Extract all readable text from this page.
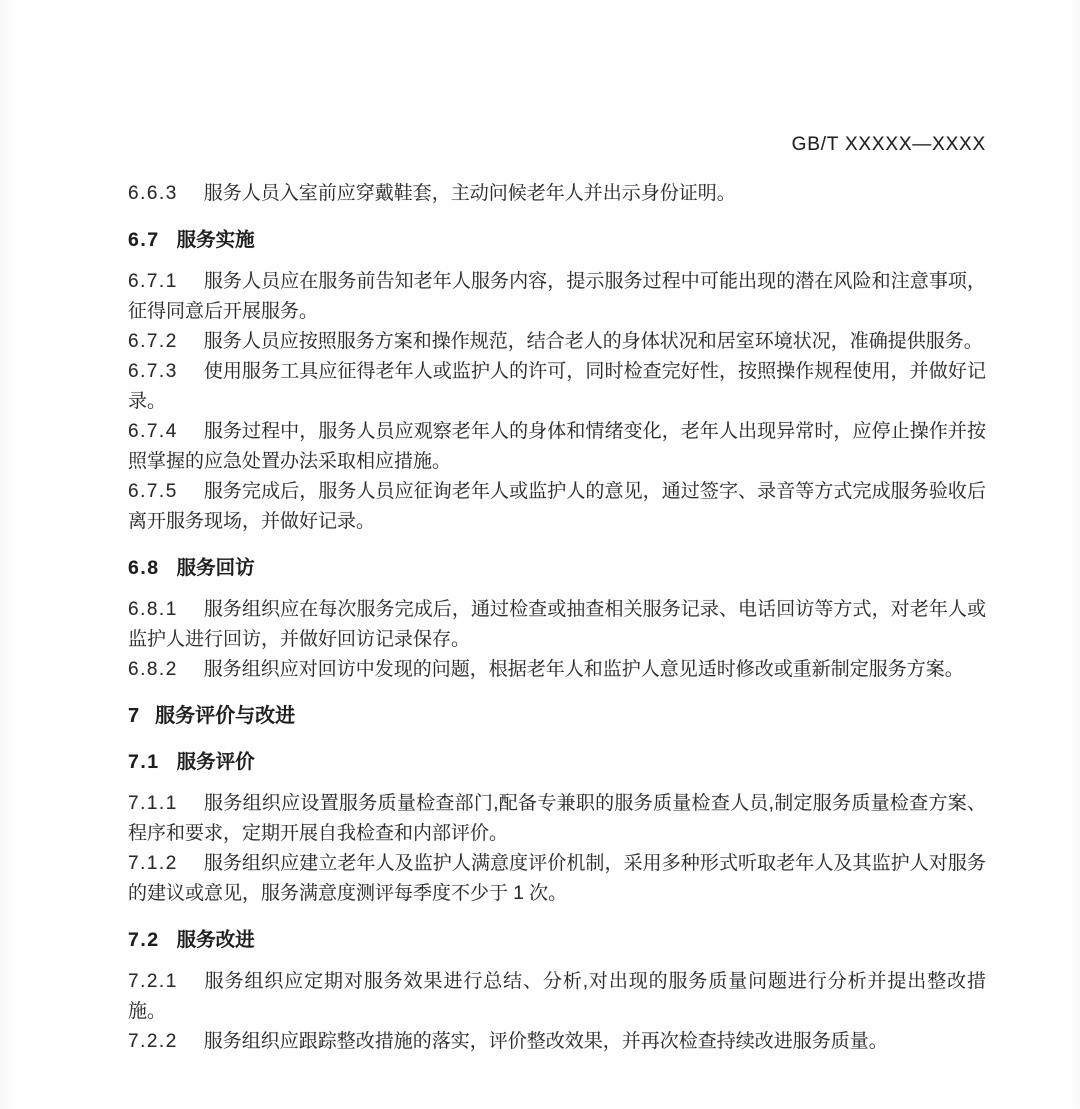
GB/T XXXXX—XXXX

6.6.3 服务人员入室前应穿戴鞋套，主动问候老年人并出示身份证明。

6.7 服务实施

6.7.1 服务人员应在服务前告知老年人服务内容，提示服务过程中可能出现的潜在风险和注意事项，征得同意后开展服务。

6.7.2 服务人员应按照服务方案和操作规范，结合老人的身体状况和居室环境状况，准确提供服务。

6.7.3 使用服务工具应征得老年人或监护人的许可，同时检查完好性，按照操作规程使用，并做好记录。

6.7.4 服务过程中，服务人员应观察老年人的身体和情绪变化，老年人出现异常时，应停止操作并按照掌握的应急处置办法采取相应措施。

6.7.5 服务完成后，服务人员应征询老年人或监护人的意见，通过签字、录音等方式完成服务验收后离开服务现场，并做好记录。

6.8 服务回访

6.8.1 服务组织应在每次服务完成后，通过检查或抽查相关服务记录、电话回访等方式，对老年人或监护人进行回访，并做好回访记录保存。

6.8.2 服务组织应对回访中发现的问题，根据老年人和监护人意见适时修改或重新制定服务方案。

7 服务评价与改进
7.1 服务评价

7.1.1 服务组织应设置服务质量检查部门,配备专兼职的服务质量检查人员,制定服务质量检查方案、程序和要求，定期开展自我检查和内部评价。

7.1.2 服务组织应建立老年人及监护人满意度评价机制，采用多种形式听取老年人及其监护人对服务的建议或意见，服务满意度测评每季度不少于 1 次。

7.2 服务改进

7.2.1 服务组织应定期对服务效果进行总结、分析,对出现的服务质量问题进行分析并提出整改措施。

7.2.2 服务组织应跟踪整改措施的落实，评价整改效果，并再次检查持续改进服务质量。
